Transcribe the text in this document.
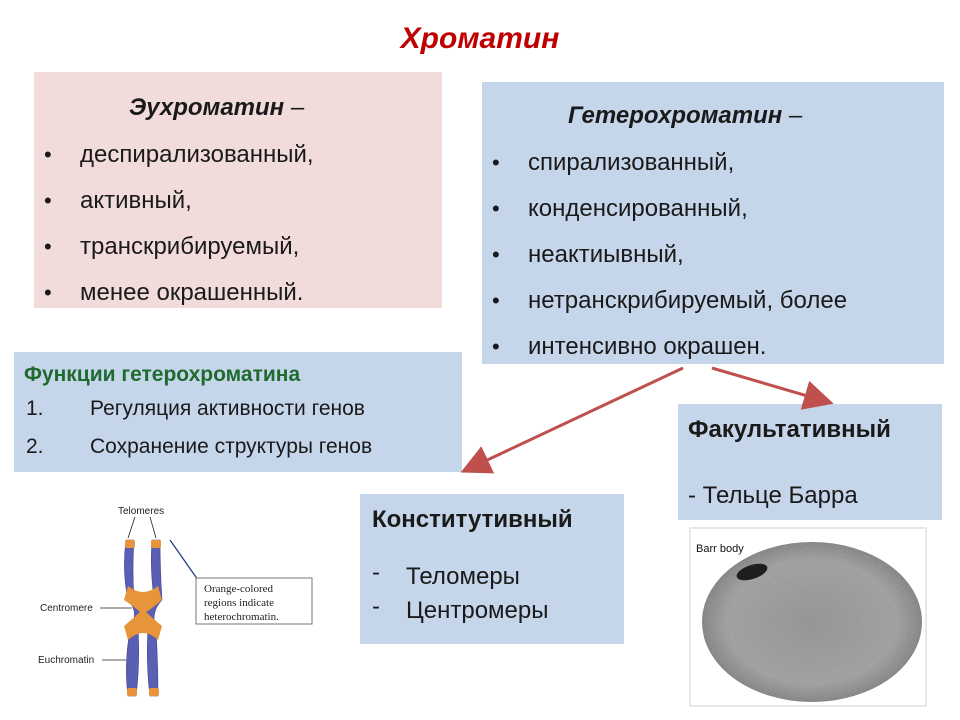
Хроматин
Эухроматин –
• деспирализованный,
• активный,
• транскрибируемый,
• менее окрашенный.
Гетерохроматин –
• спирализованный,
• конденсированный,
• неактиывный,
• нетранскрибируемый, более
• интенсивно окрашен.
Функции гетерохроматина
1. Регуляция активности генов
2. Сохранение структуры генов
Факультативный
- Тельце Барра
Конститутивный
- Теломеры
- Центромеры
Telomeres
Centromere
Euchromatin
Orange-colored
regions indicate
heterochromatin.
Barr body
